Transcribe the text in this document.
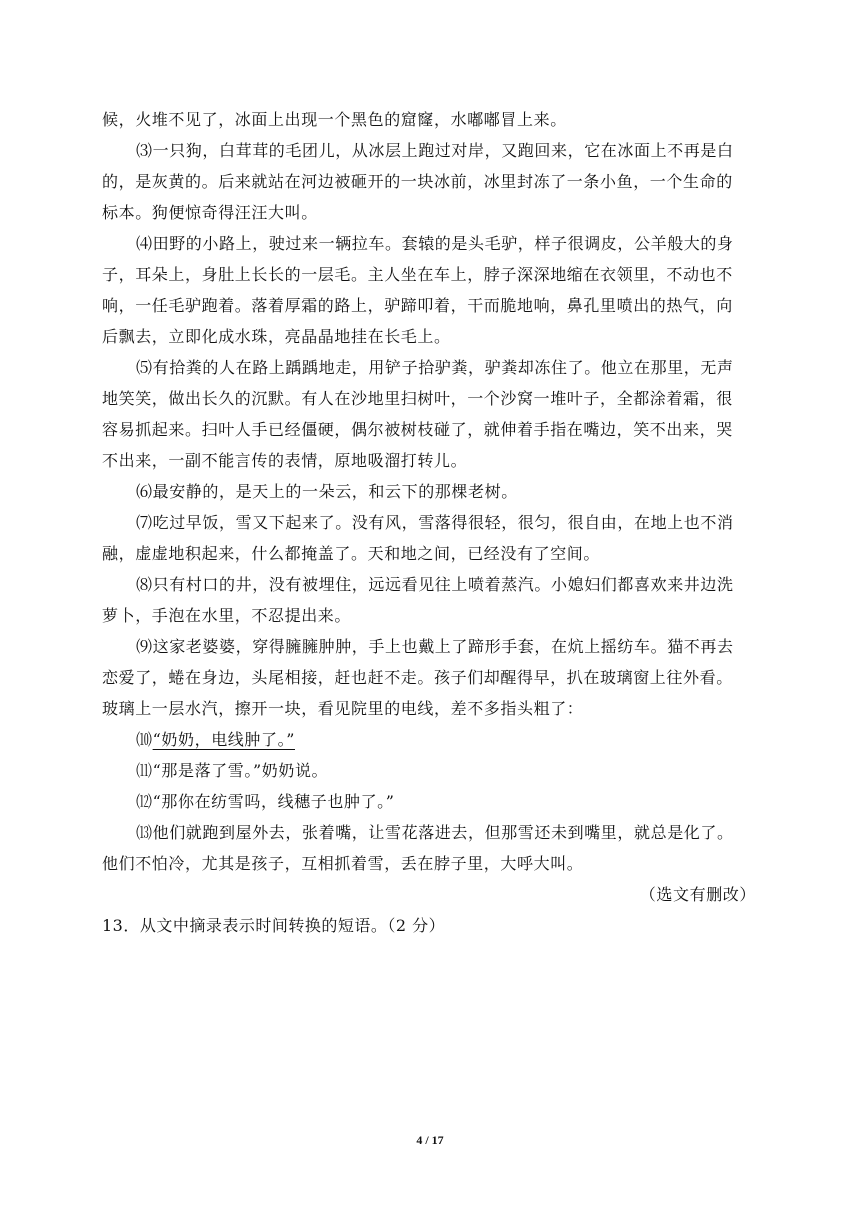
候，火堆不见了，冰面上出现一个黑色的窟窿，水嘟嘟冒上来。
⑶一只狗，白茸茸的毛团儿，从冰层上跑过对岸，又跑回来，它在冰面上不再是白
的，是灰黄的。后来就站在河边被砸开的一块冰前，冰里封冻了一条小鱼，一个生命的
标本。狗便惊奇得汪汪大叫。
⑷田野的小路上，驶过来一辆拉车。套辕的是头毛驴，样子很调皮，公羊般大的身
子，耳朵上，身肚上长长的一层毛。主人坐在车上，脖子深深地缩在衣领里，不动也不
响，一任毛驴跑着。落着厚霜的路上，驴蹄叩着，干而脆地响，鼻孔里喷出的热气，向
后飘去，立即化成水珠，亮晶晶地挂在长毛上。
⑸有拾粪的人在路上踽踽地走，用铲子拾驴粪，驴粪却冻住了。他立在那里，无声
地笑笑，做出长久的沉默。有人在沙地里扫树叶，一个沙窝一堆叶子，全都涂着霜，很
容易抓起来。扫叶人手已经僵硬，偶尔被树枝碰了，就伸着手指在嘴边，笑不出来，哭
不出来，一副不能言传的表情，原地吸溜打转儿。
⑹最安静的，是天上的一朵云，和云下的那棵老树。
⑺吃过早饭，雪又下起来了。没有风，雪落得很轻，很匀，很自由，在地上也不消
融，虚虚地积起来，什么都掩盖了。天和地之间，已经没有了空间。
⑻只有村口的井，没有被埋住，远远看见往上喷着蒸汽。小媳妇们都喜欢来井边洗
萝卜，手泡在水里，不忍提出来。
⑼这家老婆婆，穿得臃臃肿肿，手上也戴上了蹄形手套，在炕上摇纺车。猫不再去
恋爱了，蜷在身边，头尾相接，赶也赶不走。孩子们却醒得早，扒在玻璃窗上往外看。
玻璃上一层水汽，擦开一块，看见院里的电线，差不多指头粗了：
⑽“奶奶，电线肿了。”
⑾“那是落了雪。”奶奶说。
⑿“那你在纺雪吗，线穗子也肿了。”
⒀他们就跑到屋外去，张着嘴，让雪花落进去，但那雪还未到嘴里，就总是化了。
他们不怕冷，尤其是孩子，互相抓着雪，丢在脖子里，大呼大叫。
（选文有删改）
13．从文中摘录表示时间转换的短语。（2 分）
4 / 17
